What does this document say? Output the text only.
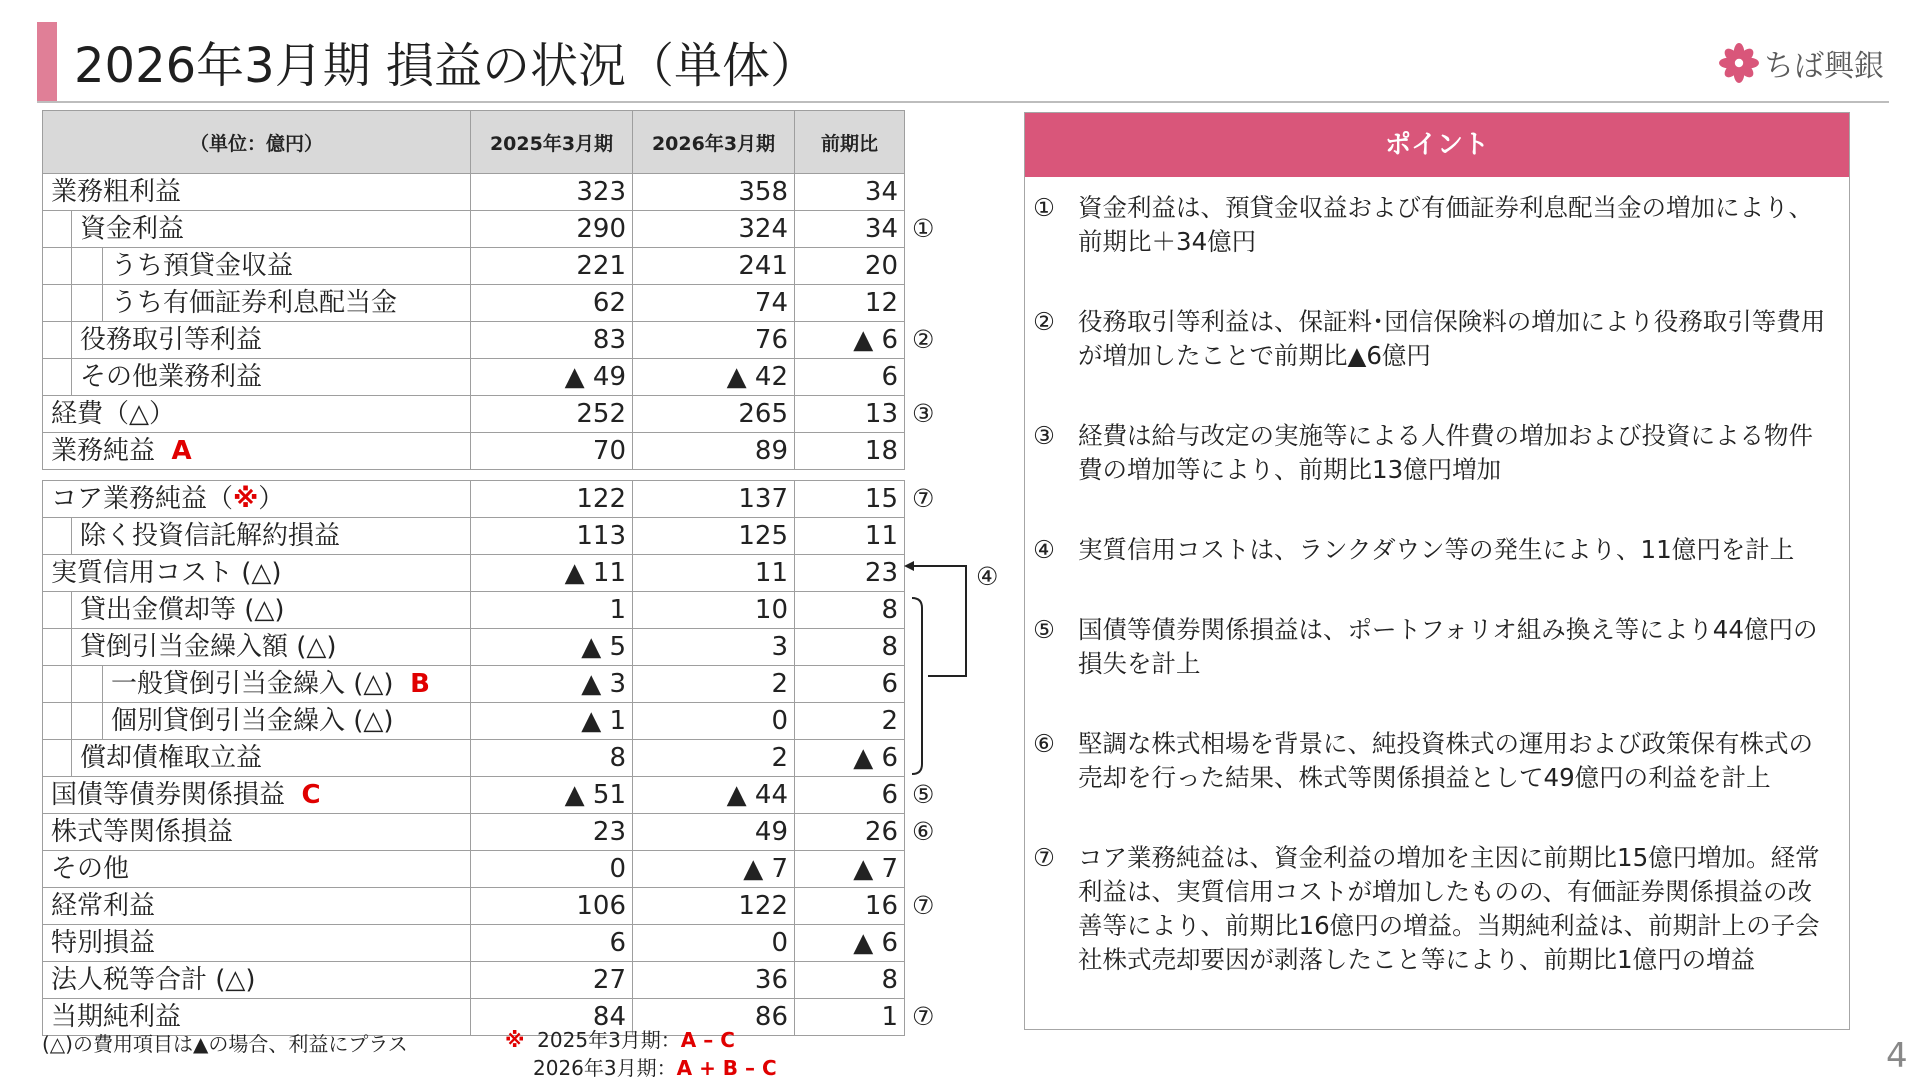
2026年3月期 損益の状況（単体）	ちば興銀
（単位：億円）	2025年3月期	2026年3月期	前期比
業務粗利益	323	358	34
資金利益	290	324	34
うち預貸金収益	221	241	20
うち有価証券利息配当金	62	74	12
役務取引等利益	83	76	▲ 6
その他業務利益	▲ 49	▲ 42	6
経費（△）	252	265	13
業務純益 A	70	89	18

コア業務純益（※）	122	137	15
除く投資信託解約損益	113	125	11
実質信用コスト (△)	▲ 11	11	23
貸出金償却等 (△)	1	10	8
貸倒引当金繰入額 (△)	▲ 5	3	8
一般貸倒引当金繰入 (△) B	▲ 3	2	6
個別貸倒引当金繰入 (△)	▲ 1	0	2
償却債権取立益	8	2	▲ 6
国債等債券関係損益 C	▲ 51	▲ 44	6
株式等関係損益	23	49	26
その他	0	▲ 7	▲ 7
経常利益	106	122	16
特別損益	6	0	▲ 6
法人税等合計 (△)	27	36	8
当期純利益	84	86	1
①
②
③
⑦
⑤
⑥
⑦
⑦
④
ポイント
① 資金利益は、預貸金収益および有価証券利息配当金の増加により、前期比＋34億円
② 役務取引等利益は、保証料･団信保険料の増加により役務取引等費用が増加したことで前期比▲6億円
③ 経費は給与改定の実施等による人件費の増加および投資による物件費の増加等により、前期比13億円増加
④ 実質信用コストは、ランクダウン等の発生により、11億円を計上
⑤ 国債等債券関係損益は、ポートフォリオ組み換え等により44億円の損失を計上
⑥ 堅調な株式相場を背景に、純投資株式の運用および政策保有株式の売却を行った結果、株式等関係損益として49億円の利益を計上
⑦ コア業務純益は、資金利益の増加を主因に前期比15億円増加。経常利益は、実質信用コストが増加したものの、有価証券関係損益の改善等により、前期比16億円の増益。当期純利益は、前期計上の子会社株式売却要因が剥落したこと等により、前期比1億円の増益
(△)の費用項目は▲の場合、利益にプラス	※ 2025年3月期：A – C
2026年3月期：A + B – C	4
